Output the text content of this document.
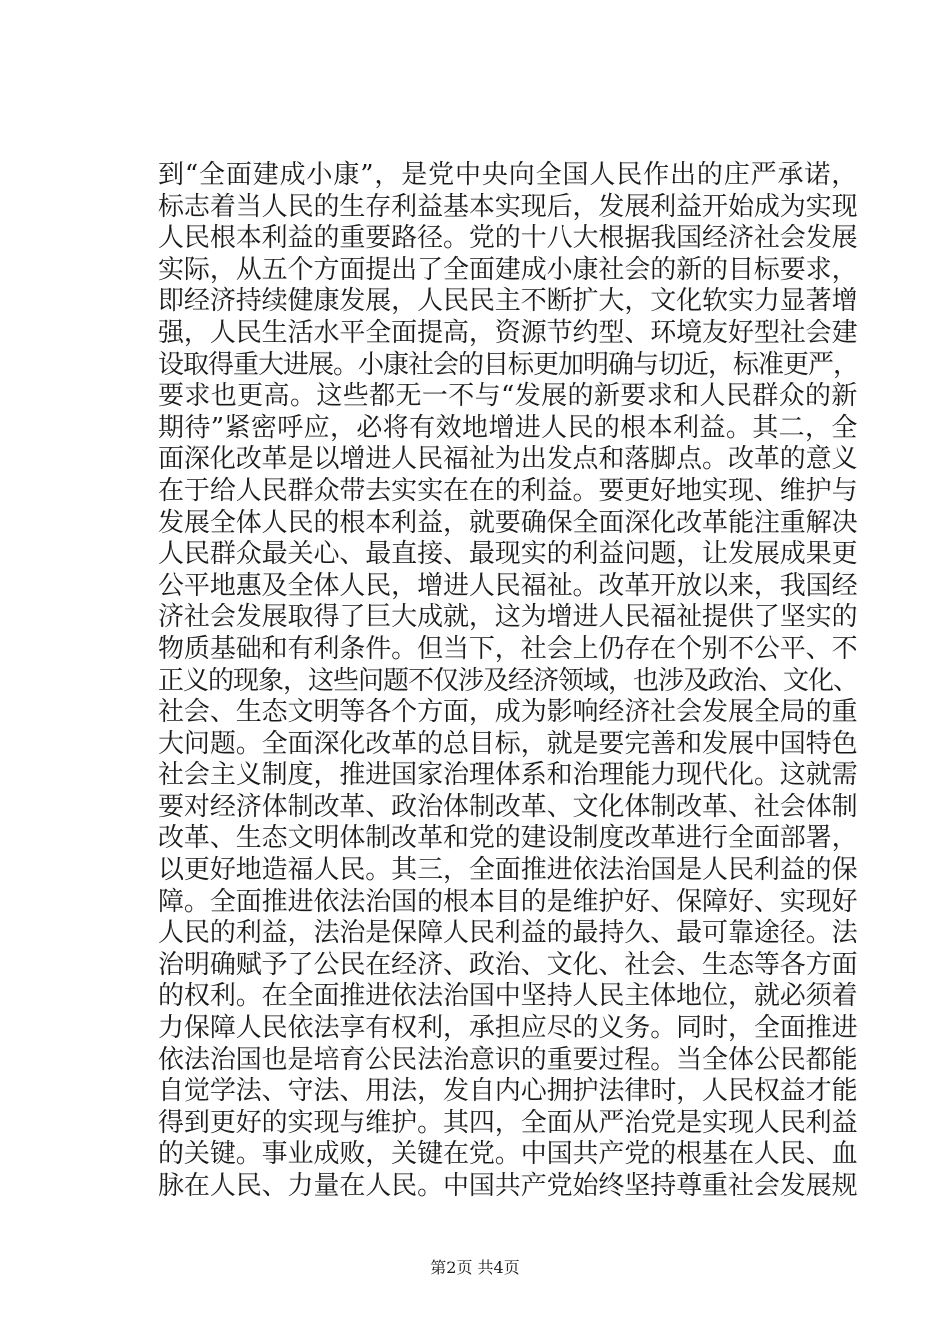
到“全面建成小康”，是党中央向全国人民作出的庄严承诺，
标志着当人民的生存利益基本实现后，发展利益开始成为实现
人民根本利益的重要路径。党的十八大根据我国经济社会发展
实际，从五个方面提出了全面建成小康社会的新的目标要求，
即经济持续健康发展，人民民主不断扩大，文化软实力显著增
强，人民生活水平全面提高，资源节约型、环境友好型社会建
设取得重大进展。小康社会的目标更加明确与切近，标准更严，
要求也更高。这些都无一不与“发展的新要求和人民群众的新
期待”紧密呼应，必将有效地增进人民的根本利益。其二，全
面深化改革是以增进人民福祉为出发点和落脚点。改革的意义
在于给人民群众带去实实在在的利益。要更好地实现、维护与
发展全体人民的根本利益，就要确保全面深化改革能注重解决
人民群众最关心、最直接、最现实的利益问题，让发展成果更
公平地惠及全体人民，增进人民福祉。改革开放以来，我国经
济社会发展取得了巨大成就，这为增进人民福祉提供了坚实的
物质基础和有利条件。但当下，社会上仍存在个别不公平、不
正义的现象，这些问题不仅涉及经济领域，也涉及政治、文化、
社会、生态文明等各个方面，成为影响经济社会发展全局的重
大问题。全面深化改革的总目标，就是要完善和发展中国特色
社会主义制度，推进国家治理体系和治理能力现代化。这就需
要对经济体制改革、政治体制改革、文化体制改革、社会体制
改革、生态文明体制改革和党的建设制度改革进行全面部署，
以更好地造福人民。其三，全面推进依法治国是人民利益的保
障。全面推进依法治国的根本目的是维护好、保障好、实现好
人民的利益，法治是保障人民利益的最持久、最可靠途径。法
治明确赋予了公民在经济、政治、文化、社会、生态等各方面
的权利。在全面推进依法治国中坚持人民主体地位，就必须着
力保障人民依法享有权利，承担应尽的义务。同时，全面推进
依法治国也是培育公民法治意识的重要过程。当全体公民都能
自觉学法、守法、用法，发自内心拥护法律时，人民权益才能
得到更好的实现与维护。其四，全面从严治党是实现人民利益
的关键。事业成败，关键在党。中国共产党的根基在人民、血
脉在人民、力量在人民。中国共产党始终坚持尊重社会发展规
第2页 共4页
